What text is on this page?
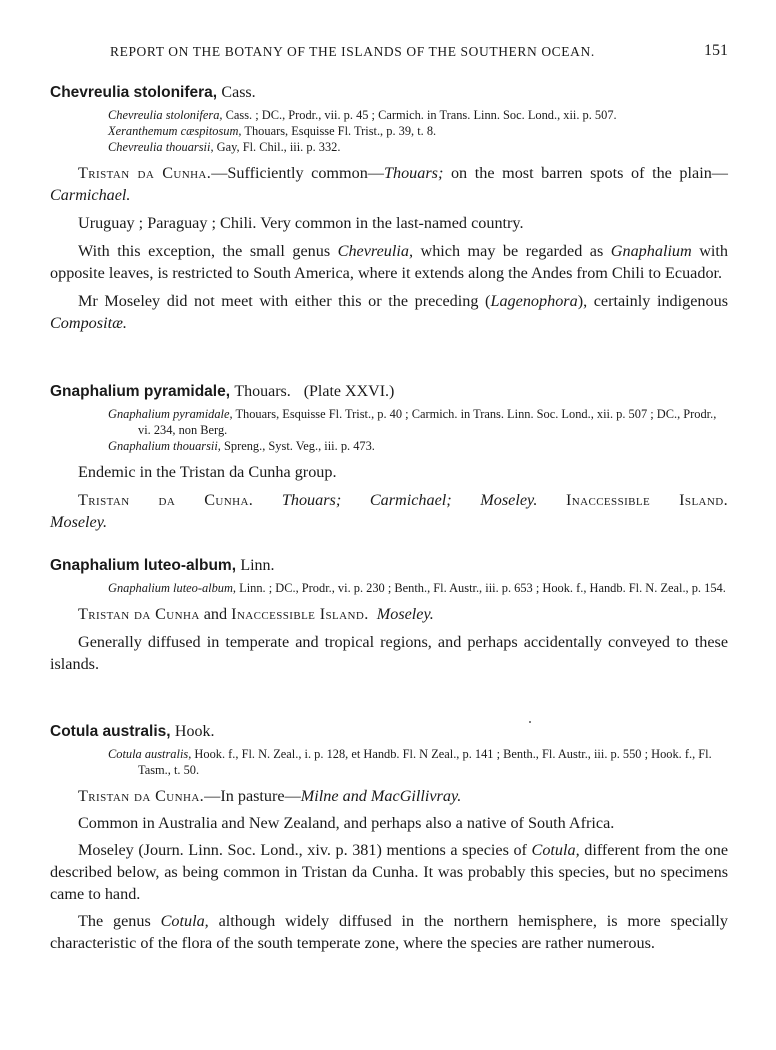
REPORT ON THE BOTANY OF THE ISLANDS OF THE SOUTHERN OCEAN.	151
Chevreulia stolonifera, Cass.
Chevreulia stolonifera, Cass. ; DC., Prodr., vii. p. 45 ; Carmich. in Trans. Linn. Soc. Lond., xii. p. 507.
Xeranthemum cæspitosum, Thouars, Esquisse Fl. Trist., p. 39, t. 8.
Chevreulia thouarsii, Gay, Fl. Chil., iii. p. 332.
Tristan da Cunha.—Sufficiently common—Thouars; on the most barren spots of the plain—Carmichael.
Uruguay ; Paraguay ; Chili. Very common in the last-named country.
With this exception, the small genus Chevreulia, which may be regarded as Gnaphalium with opposite leaves, is restricted to South America, where it extends along the Andes from Chili to Ecuador.
Mr Moseley did not meet with either this or the preceding (Lagenophora), certainly indigenous Compositæ.
Gnaphalium pyramidale, Thouars. (Plate XXVI.)
Gnaphalium pyramidale, Thouars, Esquisse Fl. Trist., p. 40 ; Carmich. in Trans. Linn. Soc. Lond., xii. p. 507 ; DC., Prodr., vi. 234, non Berg.
Gnaphalium thouarsii, Spreng., Syst. Veg., iii. p. 473.
Endemic in the Tristan da Cunha group.
Tristan da Cunha. Thouars; Carmichael; Moseley. Inaccessible Island. Moseley.
Gnaphalium luteo-album, Linn.
Gnaphalium luteo-album, Linn. ; DC., Prodr., vi. p. 230 ; Benth., Fl. Austr., iii. p. 653 ; Hook. f., Handb. Fl. N. Zeal., p. 154.
Tristan da Cunha and Inaccessible Island. Moseley.
Generally diffused in temperate and tropical regions, and perhaps accidentally conveyed to these islands.
Cotula australis, Hook.
Cotula australis, Hook. f., Fl. N. Zeal., i. p. 128, et Handb. Fl. N Zeal., p. 141 ; Benth., Fl. Austr., iii. p. 550 ; Hook. f., Fl. Tasm., t. 50.
Tristan da Cunha.—In pasture—Milne and MacGillivray.
Common in Australia and New Zealand, and perhaps also a native of South Africa.
Moseley (Journ. Linn. Soc. Lond., xiv. p. 381) mentions a species of Cotula, different from the one described below, as being common in Tristan da Cunha. It was probably this species, but no specimens came to hand.
The genus Cotula, although widely diffused in the northern hemisphere, is more specially characteristic of the flora of the south temperate zone, where the species are rather numerous.
